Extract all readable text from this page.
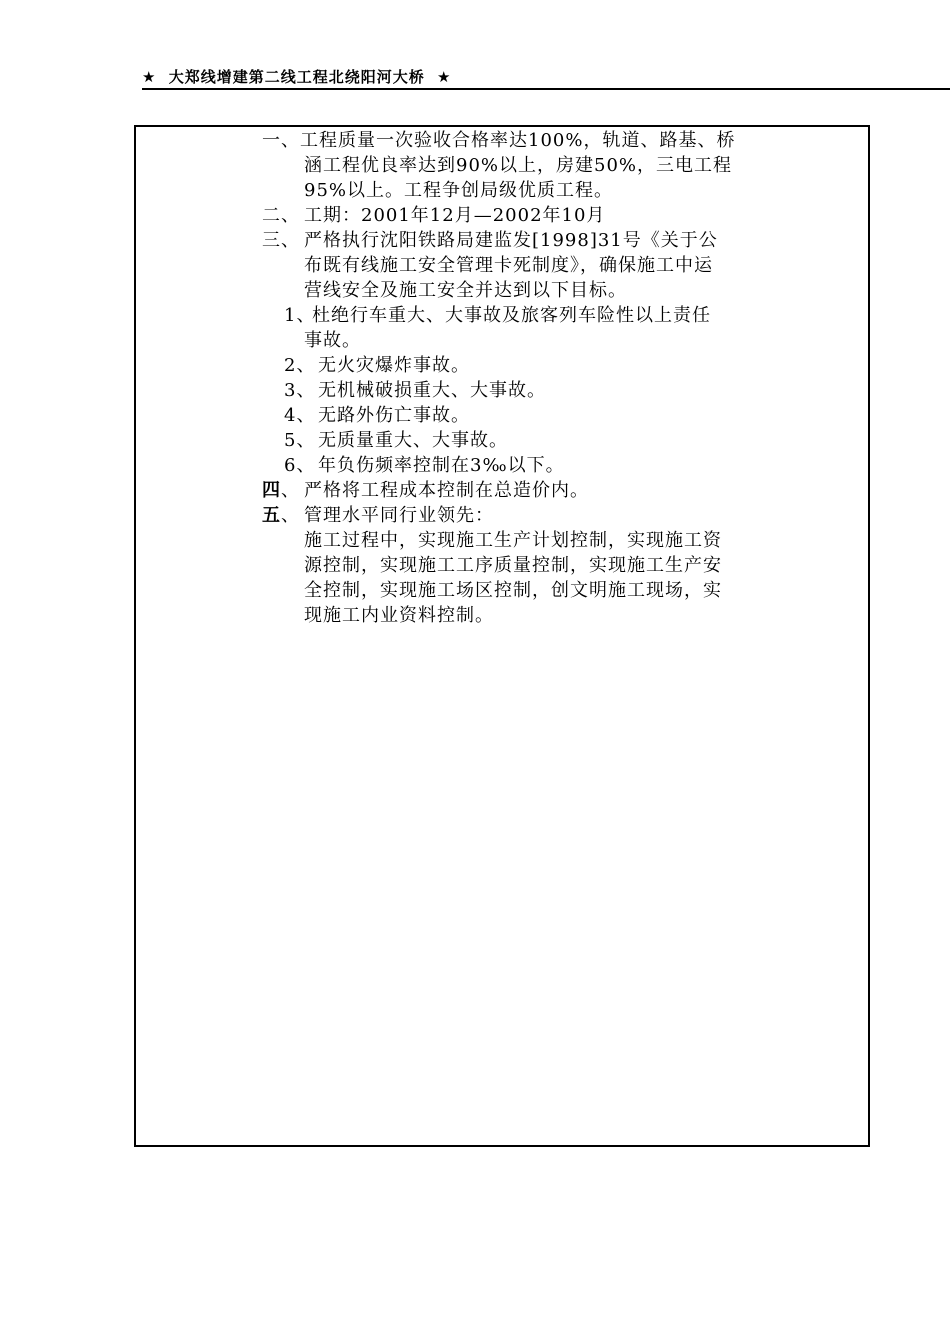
★ 大郑线增建第二线工程北绕阳河大桥 ★
一、 工程质量一次验收合格率达100%，轨道、路基、桥
涵工程优良率达到90%以上，房建50%，三电工程
95%以上。工程争创局级优质工程。
二、 工期：2001年12月—2002年10月
三、 严格执行沈阳铁路局建监发[1998]31号《关于公
布既有线施工安全管理卡死制度》，确保施工中运
营线安全及施工安全并达到以下目标。
1、
杜绝行车重大、大事故及旅客列车险性以上责任
事故。
2、 无火灾爆炸事故。
3、 无机械破损重大、大事故。
4、 无路外伤亡事故。
5、 无质量重大、大事故。
6、 年负伤频率控制在3‰以下。
四 、 严格将工程成本控制在总造价内。
五 、 管理水平同行业领先：
施工过程中，实现施工生产计划控制，实现施工资
源控制，实现施工工序质量控制，实现施工生产安
全控制，实现施工场区控制，创文明施工现场，实
现施工内业资料控制。
